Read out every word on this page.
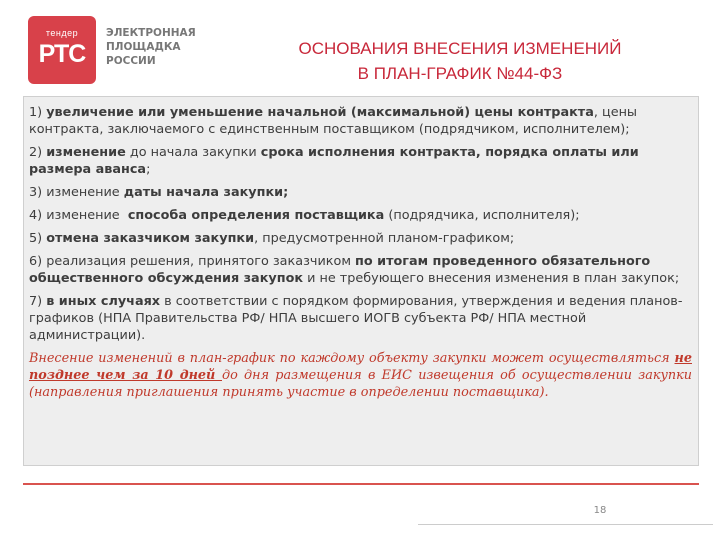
тендер
РТС
ЭЛЕКТРОННАЯ
ПЛОЩАДКА
РОССИИ
ОСНОВАНИЯ ВНЕСЕНИЯ ИЗМЕНЕНИЙ
В ПЛАН-ГРАФИК №44-ФЗ
1) увеличение или уменьшение начальной (максимальной) цены контракта, цены контракта, заключаемого с единственным поставщиком (подрядчиком, исполнителем);
2) изменение до начала закупки срока исполнения контракта, порядка оплаты или размера аванса;
3) изменение даты начала закупки;
4) изменение  способа определения поставщика (подрядчика, исполнителя);
5) отмена заказчиком закупки, предусмотренной планом-графиком;
6) реализация решения, принятого заказчиком по итогам проведенного обязательного общественного обсуждения закупок и не требующего внесения изменения в план закупок;
7) в иных случаях в соответствии с порядком формирования, утверждения и ведения планов-графиков (НПА Правительства РФ/ НПА высшего ИОГВ субъекта РФ/ НПА местной администрации).
Внесение изменений в план-график по каждому объекту закупки может осуществляться не позднее чем за 10 дней до дня размещения в ЕИС извещения об осуществлении закупки (направления приглашения принять участие в определении поставщика).
18
